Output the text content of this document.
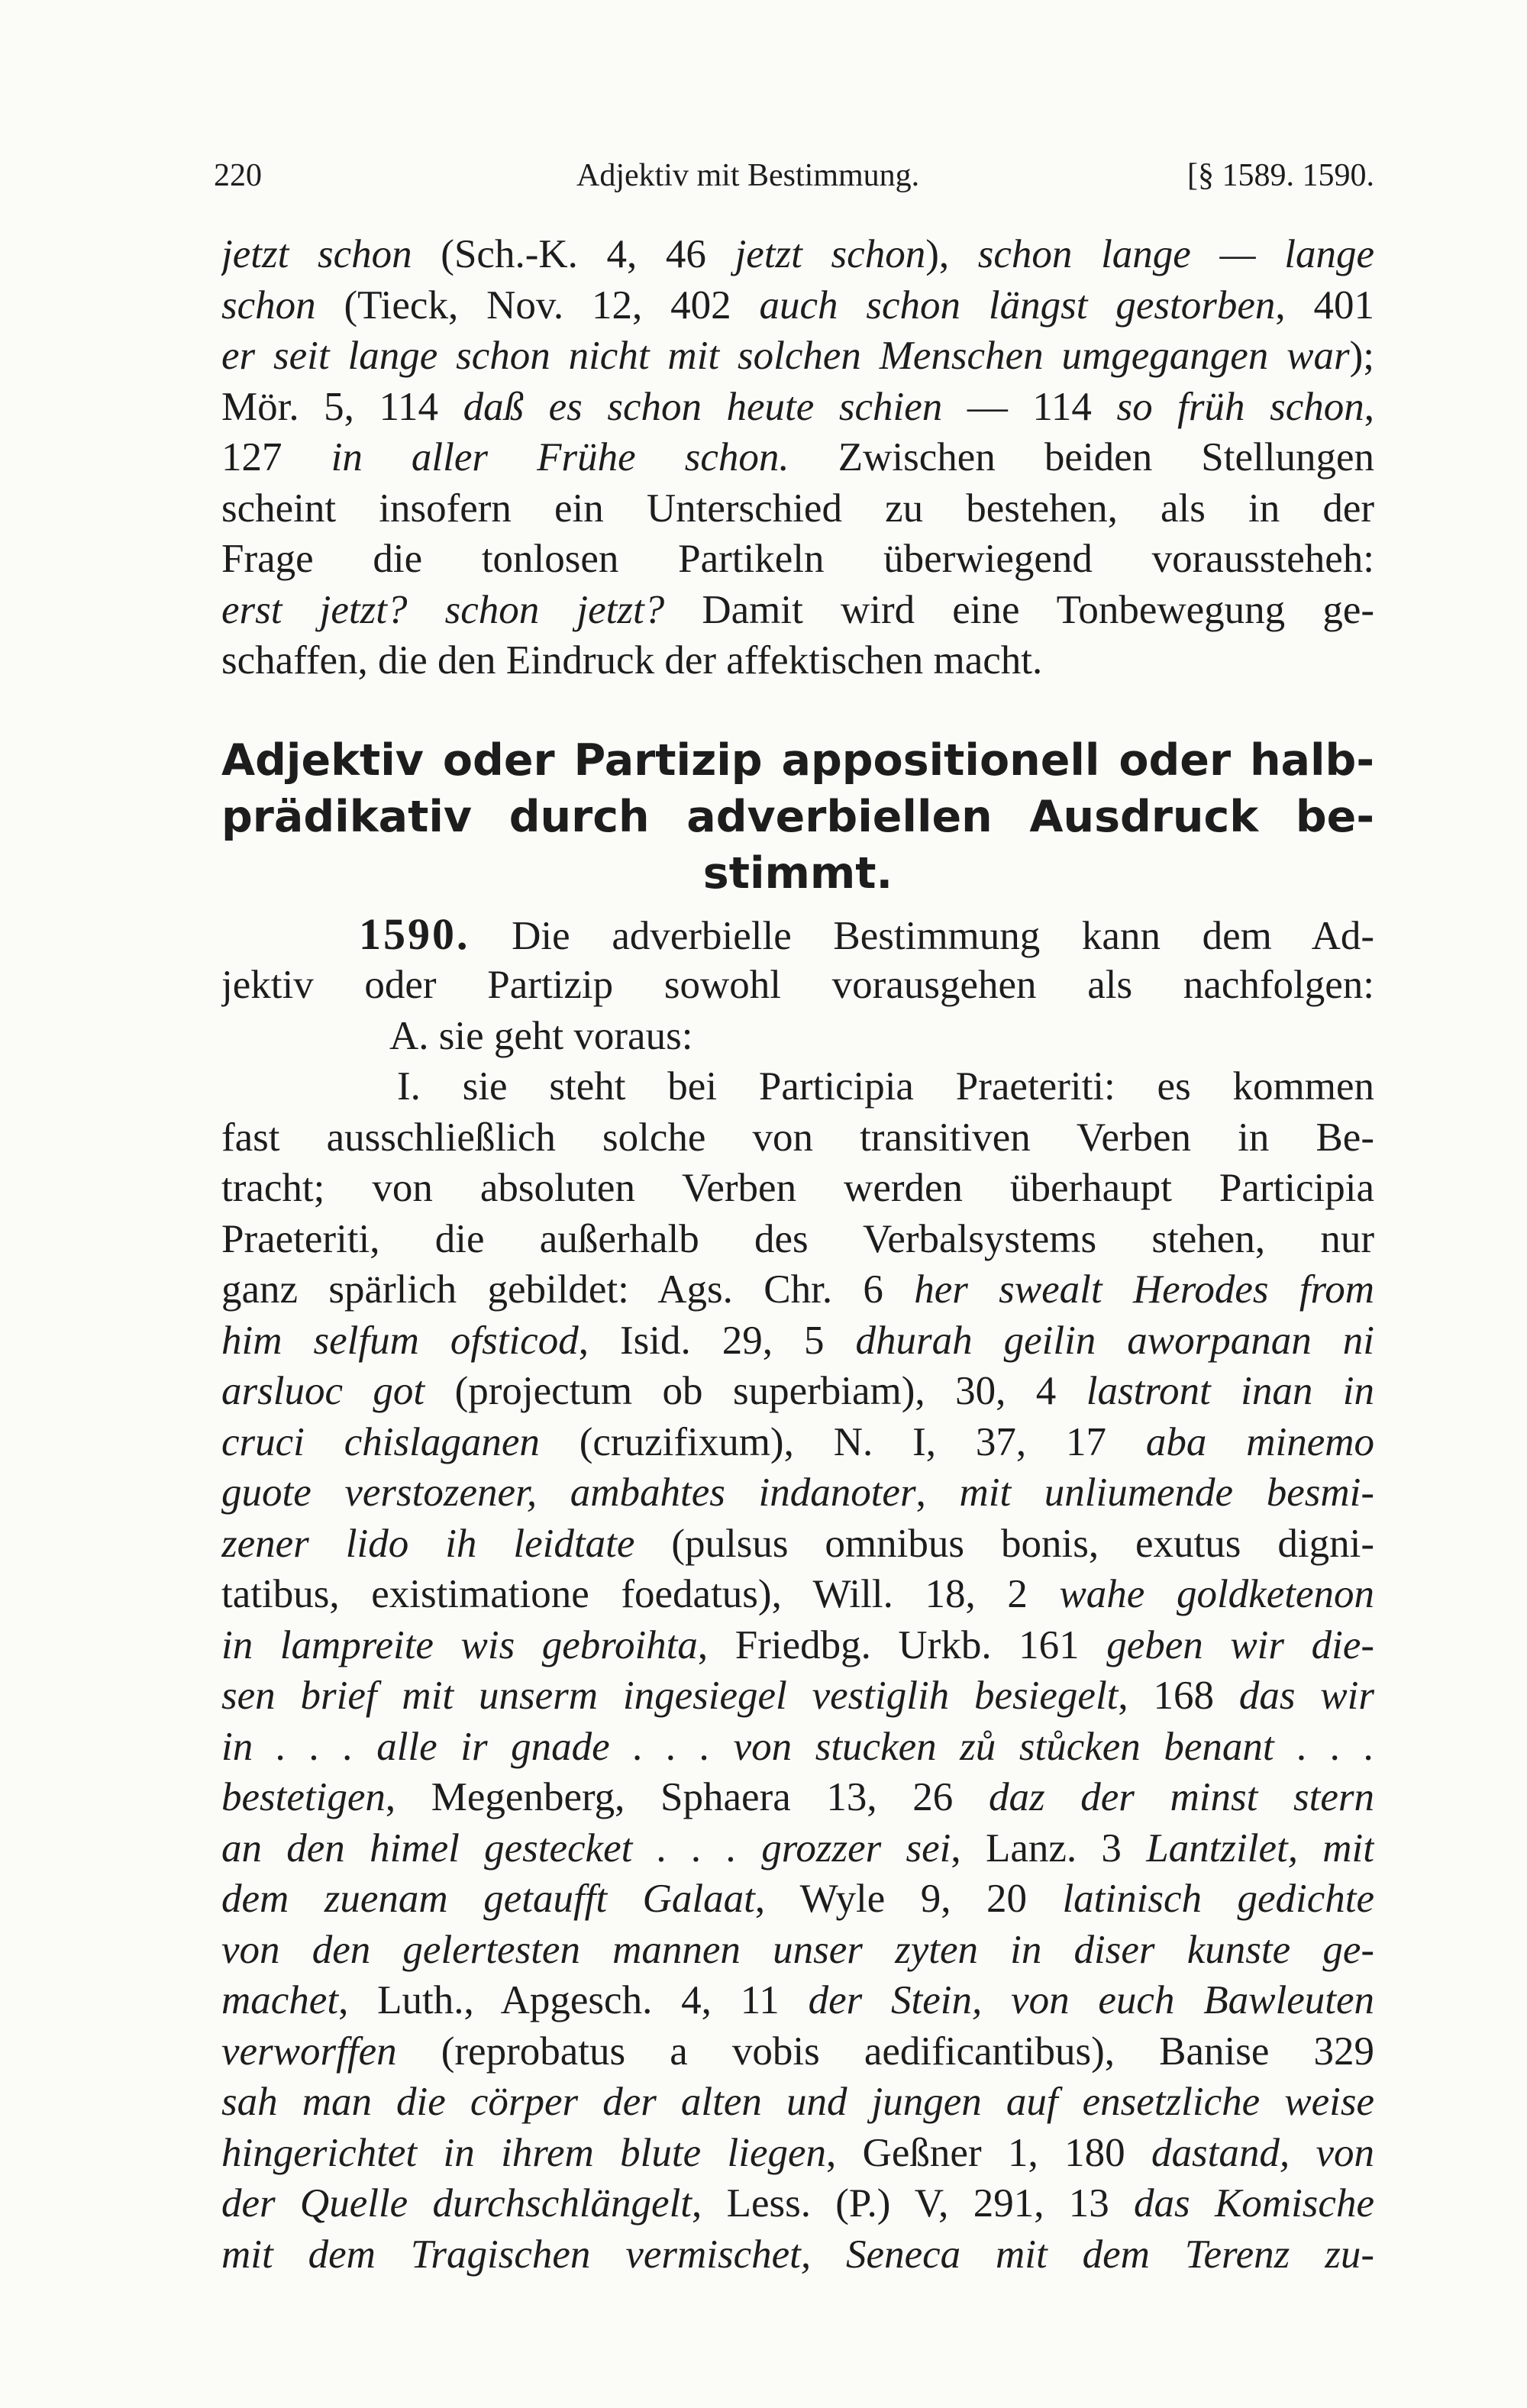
220	Adjektiv mit Bestimmung.	[§ 1589. 1590.
jetzt schon (Sch.-K. 4, 46 jetzt schon), schon lange — lange
schon (Tieck, Nov. 12, 402 auch schon längst gestorben, 401
er seit lange schon nicht mit solchen Menschen umgegangen war);
Mör. 5, 114 daß es schon heute schien — 114 so früh schon,
127 in aller Frühe schon. Zwischen beiden Stellungen
scheint insofern ein Unterschied zu bestehen, als in der
Frage die tonlosen Partikeln überwiegend voraussteheh:
erst jetzt? schon jetzt? Damit wird eine Tonbewegung ge-
schaffen, die den Eindruck der affektischen macht.
Adjektiv oder Partizip appositionell oder halb-
prädikativ durch adverbiellen Ausdruck be-
stimmt.
1590. Die adverbielle Bestimmung kann dem Ad-
jektiv oder Partizip sowohl vorausgehen als nachfolgen:
A. sie geht voraus:
I. sie steht bei Participia Praeteriti: es kommen
fast ausschließlich solche von transitiven Verben in Be-
tracht; von absoluten Verben werden überhaupt Participia
Praeteriti, die außerhalb des Verbalsystems stehen, nur
ganz spärlich gebildet: Ags. Chr. 6 her swealt Herodes from
him selfum ofsticod, Isid. 29, 5 dhurah geilin aworpanan ni
arsluoc got (projectum ob superbiam), 30, 4 lastront inan in
cruci chislaganen (cruzifixum), N. I, 37, 17 aba minemo
guote verstozener, ambahtes indanoter, mit unliumende besmi-
zener lido ih leidtate (pulsus omnibus bonis, exutus digni-
tatibus, existimatione foedatus), Will. 18, 2 wahe goldketenon
in lampreite wis gebroihta, Friedbg. Urkb. 161 geben wir die-
sen brief mit unserm ingesiegel vestiglih besiegelt, 168 das wir
in . . . alle ir gnade . . . von stucken zů stůcken benant . . .
bestetigen, Megenberg, Sphaera 13, 26 daz der minst stern
an den himel gestecket . . . grozzer sei, Lanz. 3 Lantzilet, mit
dem zuenam getaufft Galaat, Wyle 9, 20 latinisch gedichte
von den gelertesten mannen unser zyten in diser kunste ge-
machet, Luth., Apgesch. 4, 11 der Stein, von euch Bawleuten
verworffen (reprobatus a vobis aedificantibus), Banise 329
sah man die cörper der alten und jungen auf ensetzliche weise
hingerichtet in ihrem blute liegen, Geßner 1, 180 dastand, von
der Quelle durchschlängelt, Less. (P.) V, 291, 13 das Komische
mit dem Tragischen vermischet, Seneca mit dem Terenz zu-
